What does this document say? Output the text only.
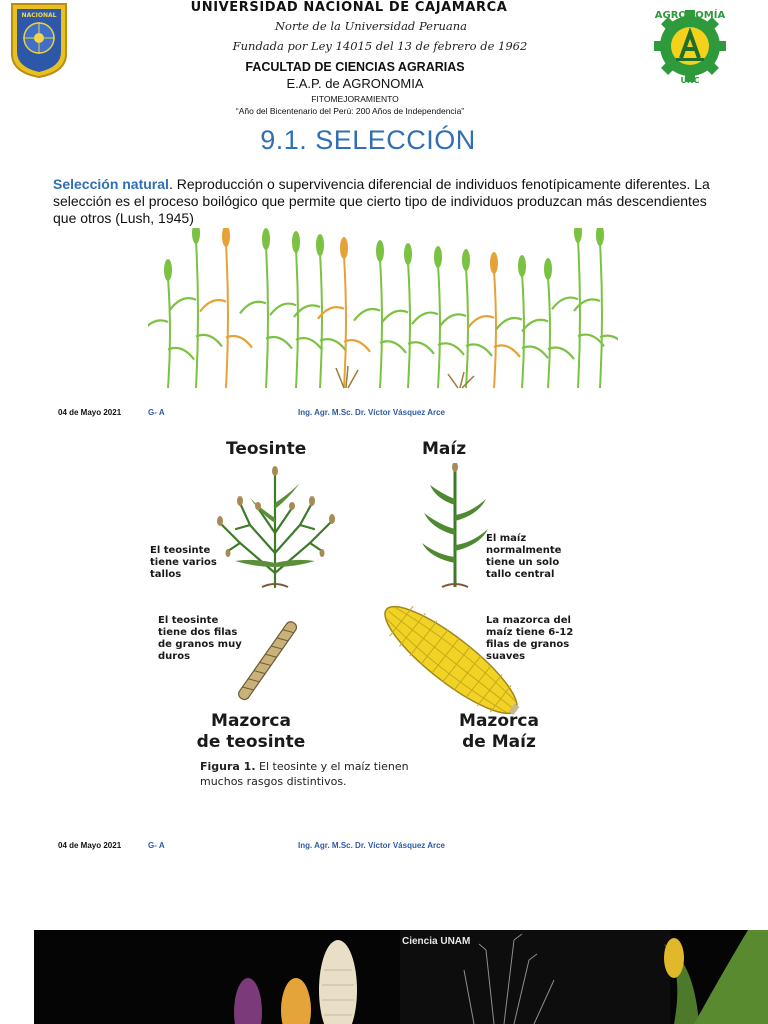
NACIONAL
UNIVERSIDAD NACIONAL DE CAJAMARCA
Norte de la Universidad Peruana
Fundada por Ley 14015 del 13 de febrero de 1962
FACULTAD DE CIENCIAS AGRARIAS
E.A.P. de AGRONOMIA
FITOMEJORAMIENTO
“Año del Bicentenario del Perú: 200 Años de Independencia”
AGRONOMÍA
UNC
9.1. SELECCIÓN
Selección natural. Reproducción o supervivencia diferencial de individuos fenotípicamente diferentes. La selección es el proceso boilógico que permite que cierto tipo de individuos produzcan más descendientes que otros (Lush, 1945)
04 de Mayo 2021	G- A	Ing. Agr. M.Sc. Dr. Víctor Vásquez Arce
Teosinte	Maíz
El teosinte
tiene varios
tallos
El maíz
normalmente
tiene un solo
tallo central
El teosinte
tiene dos filas
de granos muy
duros
La mazorca del
maíz tiene 6-12
filas de granos
suaves
Mazorca
de teosinte
Mazorca
de Maíz
Figura 1. El teosinte y el maíz tienen
muchos rasgos distintivos.
04 de Mayo 2021	G- A	Ing. Agr. M.Sc. Dr. Víctor Vásquez Arce
Ciencia UNAM
